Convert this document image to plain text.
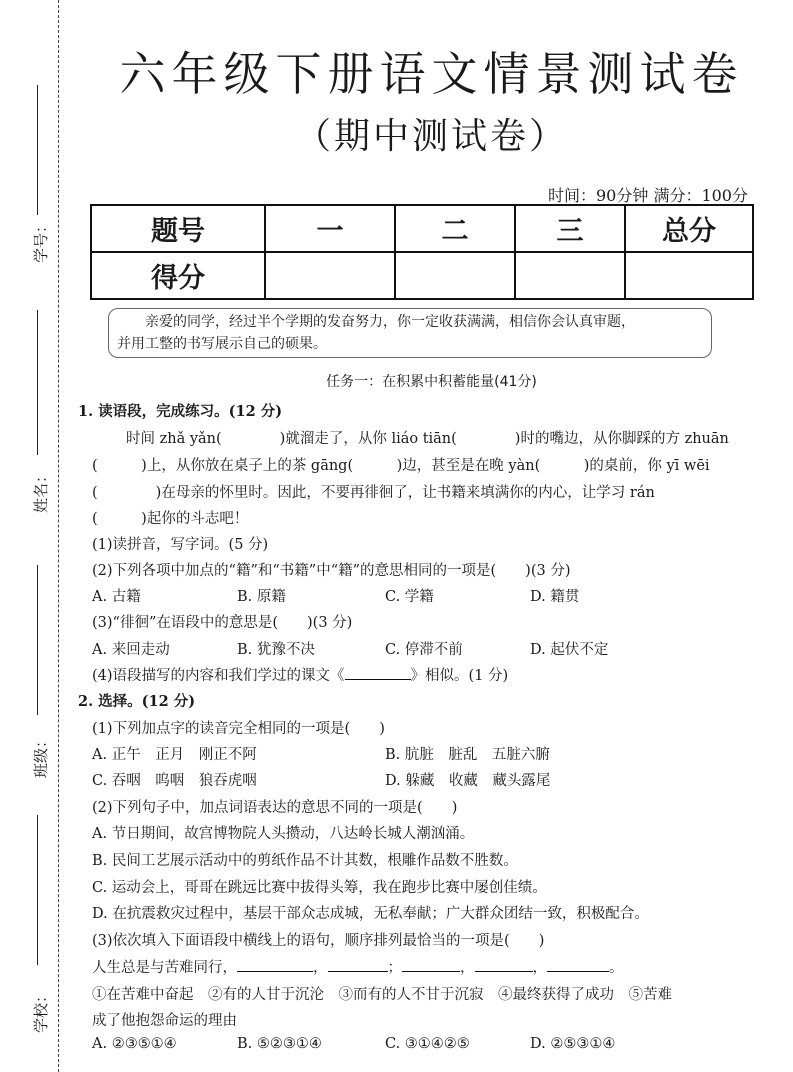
学号：
姓名：
班级：
学校：
六年级下册语文情景测试卷
（期中测试卷）
时间：90分钟 满分：100分
题号	一	二	三	总分
得分				
亲爱的同学，经过半个学期的发奋努力，你一定收获满满，相信你会认真审题，
并用工整的书写展示自己的硕果。
任务一：在积累中积蓄能量(41分)
1. 读语段，完成练习。(12 分)
时间 zhǎ yǎn(　　　　)就溜走了，从你 liáo tiān(　　　　)时的嘴边，从你脚踩的方 zhuān
(　　　)上，从你放在桌子上的茶 gāng(　　　)边，甚至是在晚 yàn(　　　)的桌前，你 yī wēi
(　　　　)在母亲的怀里时。因此，不要再徘徊了，让书籍来填满你的内心，让学习 rán
(　　　)起你的斗志吧！
(1)读拼音，写字词。(5 分)
(2)下列各项中加点的“籍”和“书籍”中“籍”的意思相同的一项是(　　)(3 分)
A. 古籍	B. 原籍	C. 学籍	D. 籍贯
(3)“徘徊”在语段中的意思是(　　)(3 分)
A. 来回走动	B. 犹豫不决	C. 停滞不前	D. 起伏不定
(4)语段描写的内容和我们学过的课文《	》相似。(1 分)
2. 选择。(12 分)
(1)下列加点字的读音完全相同的一项是(　　)
A. 正午　正月　刚正不阿	B. 肮脏　脏乱　五脏六腑
C. 吞咽　呜咽　狼吞虎咽	D. 躲藏　收藏　藏头露尾
(2)下列句子中，加点词语表达的意思不同的一项是(　　)
A. 节日期间，故宫博物院人头攒动，八达岭长城人潮汹涌。
B. 民间工艺展示活动中的剪纸作品不计其数，根雕作品数不胜数。
C. 运动会上，哥哥在跳远比赛中拔得头筹，我在跑步比赛中屡创佳绩。
D. 在抗震救灾过程中，基层干部众志成城，无私奉献；广大群众团结一致，积极配合。
(3)依次填入下面语段中横线上的语句，顺序排列最恰当的一项是(　　)
人生总是与苦难同行，	，	；	，	，	。
①在苦难中奋起　②有的人甘于沉沦　③而有的人不甘于沉寂　④最终获得了成功　⑤苦难
成了他抱怨命运的理由
A. ②③⑤①④	B. ⑤②③①④	C. ③①④②⑤	D. ②⑤③①④
